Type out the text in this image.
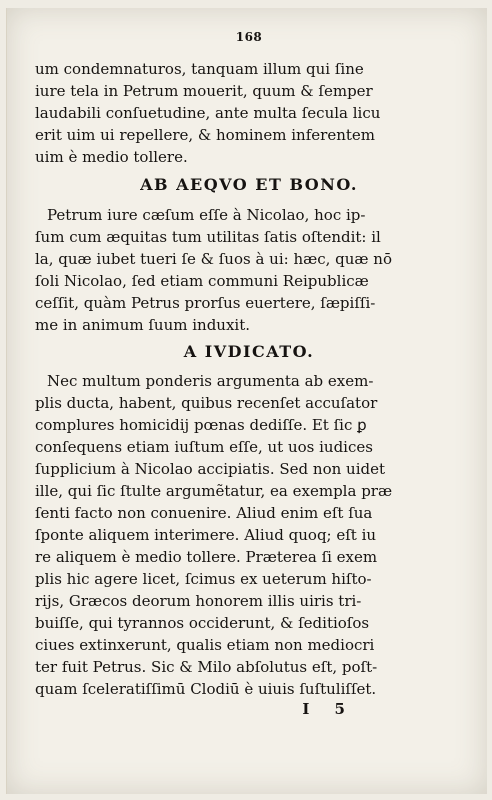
168
um condemnaturos, tanquam illum qui ſine
iure tela in Petrum mouerit, quum & ſemper
laudabili conſuetudine, ante multa ſecula licu
erit uim ui repellere, & hominem inferentem
uim è medio tollere.
AB AEQVO ET BONO.
Petrum iure cæſum eſſe à Nicolao, hoc ip-
ſum cum æquitas tum utilitas ſatis oſtendit: il
la, quæ iubet tueri ſe & ſuos à ui: hæc, quæ nō
ſoli Nicolao, ſed etiam communi Reipublicæ
ceſſit, quàm Petrus prorſus euertere, ſæpiſſi-
me in animum ſuum induxit.
A IVDICATO.
Nec multum ponderis argumenta ab exem-
plis ducta, habent, quibus recenſet accuſator
complures homicidij pœnas dediſſe. Et ſic ꝑ
conſequens etiam iuſtum eſſe, ut uos iudices
ſupplicium à Nicolao accipiatis. Sed non uidet
ille, qui ſic ſtulte argumẽtatur, ea exempla præ
ſenti facto non conuenire. Aliud enim eſt ſua
ſponte aliquem interimere. Aliud quoq; eſt iu
re aliquem è medio tollere. Præterea ſi exem
plis hic agere licet, ſcimus ex ueterum hiſto-
rijs, Græcos deorum honorem illis uiris tri-
buiſſe, qui tyrannos occiderunt, & ſeditioſos
ciues extinxerunt, qualis etiam non mediocri
ter fuit Petrus. Sic & Milo abſolutus eſt, poſt-
quam ſceleratiſſimū Clodiū è uiuis ſuſtuliſſet.
I 5
